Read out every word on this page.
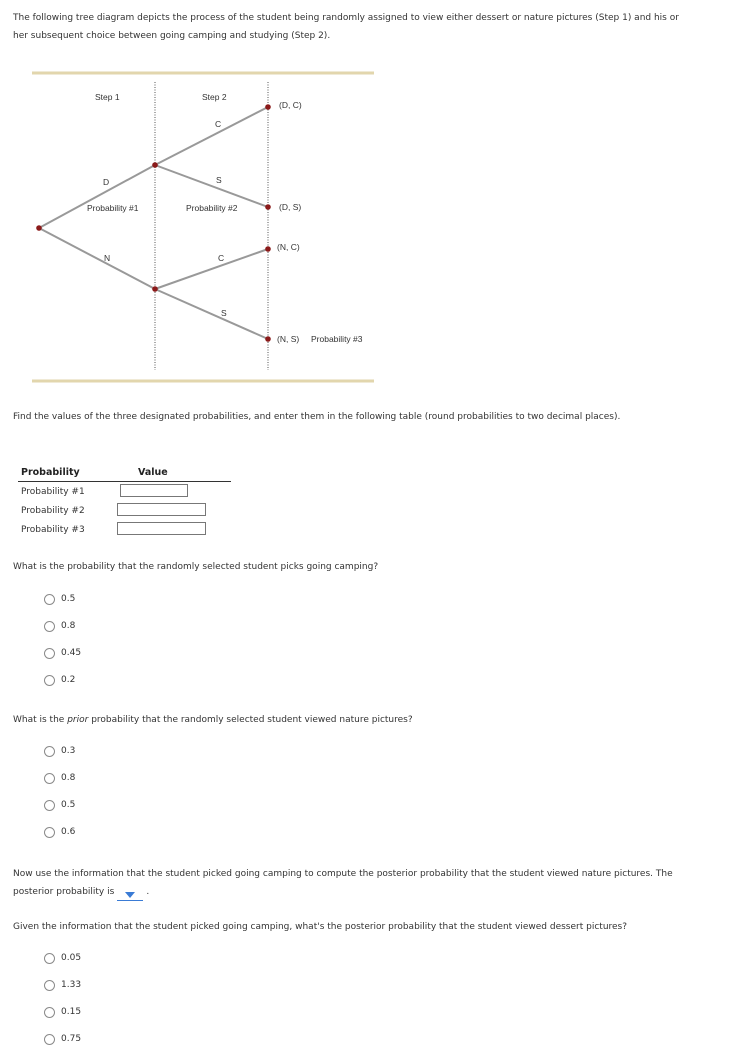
The following tree diagram depicts the process of the student being randomly assigned to view either dessert or nature pictures (Step 1) and his or
her subsequent choice between going camping and studying (Step 2).
Step 1	Step 2
D
Probability #1
N
C
S
Probability #2
C
S
(D, C)
(D, S)
(N, C)
(N, S) Probability #3
Find the values of the three designated probabilities, and enter them in the following table (round probabilities to two decimal places).
Probability	Value
Probability #1	
Probability #2	
Probability #3	
What is the probability that the randomly selected student picks going camping?
0.5
0.8
0.45
0.2
What is the prior probability that the randomly selected student viewed nature pictures?
0.3
0.8
0.5
0.6
Now use the information that the student picked going camping to compute the posterior probability that the student viewed nature pictures. The
posterior probability is	.
Given the information that the student picked going camping, what's the posterior probability that the student viewed dessert pictures?
0.05
1.33
0.15
0.75
